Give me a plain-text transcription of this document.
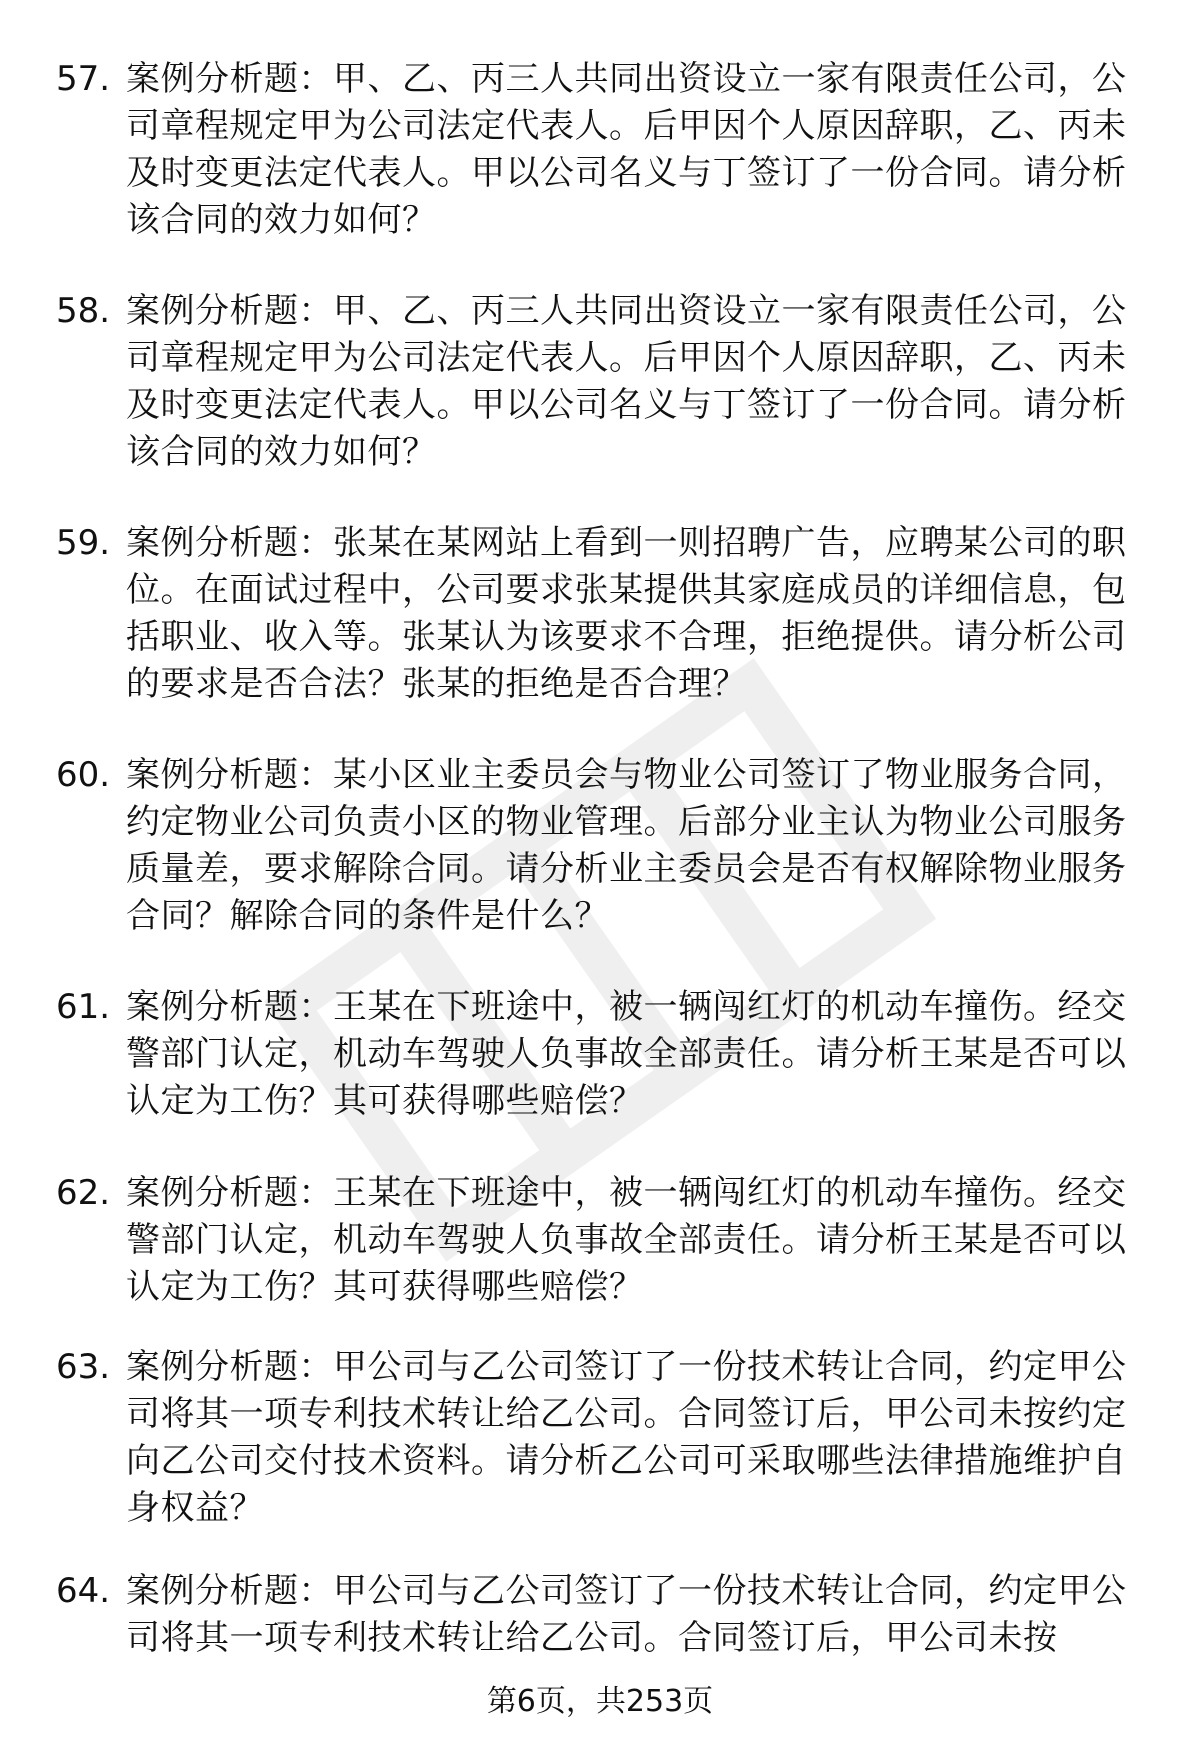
57. 案例分析题：甲、乙、丙三人共同出资设立一家有限责任公司，公司章程规定甲为公司法定代表人。后甲因个人原因辞职，乙、丙未及时变更法定代表人。甲以公司名义与丁签订了一份合同。请分析该合同的效力如何？
58. 案例分析题：甲、乙、丙三人共同出资设立一家有限责任公司，公司章程规定甲为公司法定代表人。后甲因个人原因辞职，乙、丙未及时变更法定代表人。甲以公司名义与丁签订了一份合同。请分析该合同的效力如何？
59. 案例分析题：张某在某网站上看到一则招聘广告，应聘某公司的职位。在面试过程中，公司要求张某提供其家庭成员的详细信息，包括职业、收入等。张某认为该要求不合理，拒绝提供。请分析公司的要求是否合法？张某的拒绝是否合理？
60. 案例分析题：某小区业主委员会与物业公司签订了物业服务合同，约定物业公司负责小区的物业管理。后部分业主认为物业公司服务质量差，要求解除合同。请分析业主委员会是否有权解除物业服务合同？解除合同的条件是什么？
61. 案例分析题：王某在下班途中，被一辆闯红灯的机动车撞伤。经交警部门认定，机动车驾驶人负事故全部责任。请分析王某是否可以认定为工伤？其可获得哪些赔偿？
62. 案例分析题：王某在下班途中，被一辆闯红灯的机动车撞伤。经交警部门认定，机动车驾驶人负事故全部责任。请分析王某是否可以认定为工伤？其可获得哪些赔偿？
63. 案例分析题：甲公司与乙公司签订了一份技术转让合同，约定甲公司将其一项专利技术转让给乙公司。合同签订后，甲公司未按约定向乙公司交付技术资料。请分析乙公司可采取哪些法律措施维护自身权益？
64. 案例分析题：甲公司与乙公司签订了一份技术转让合同，约定甲公司将其一项专利技术转让给乙公司。合同签订后，甲公司未按
第6页，共253页
